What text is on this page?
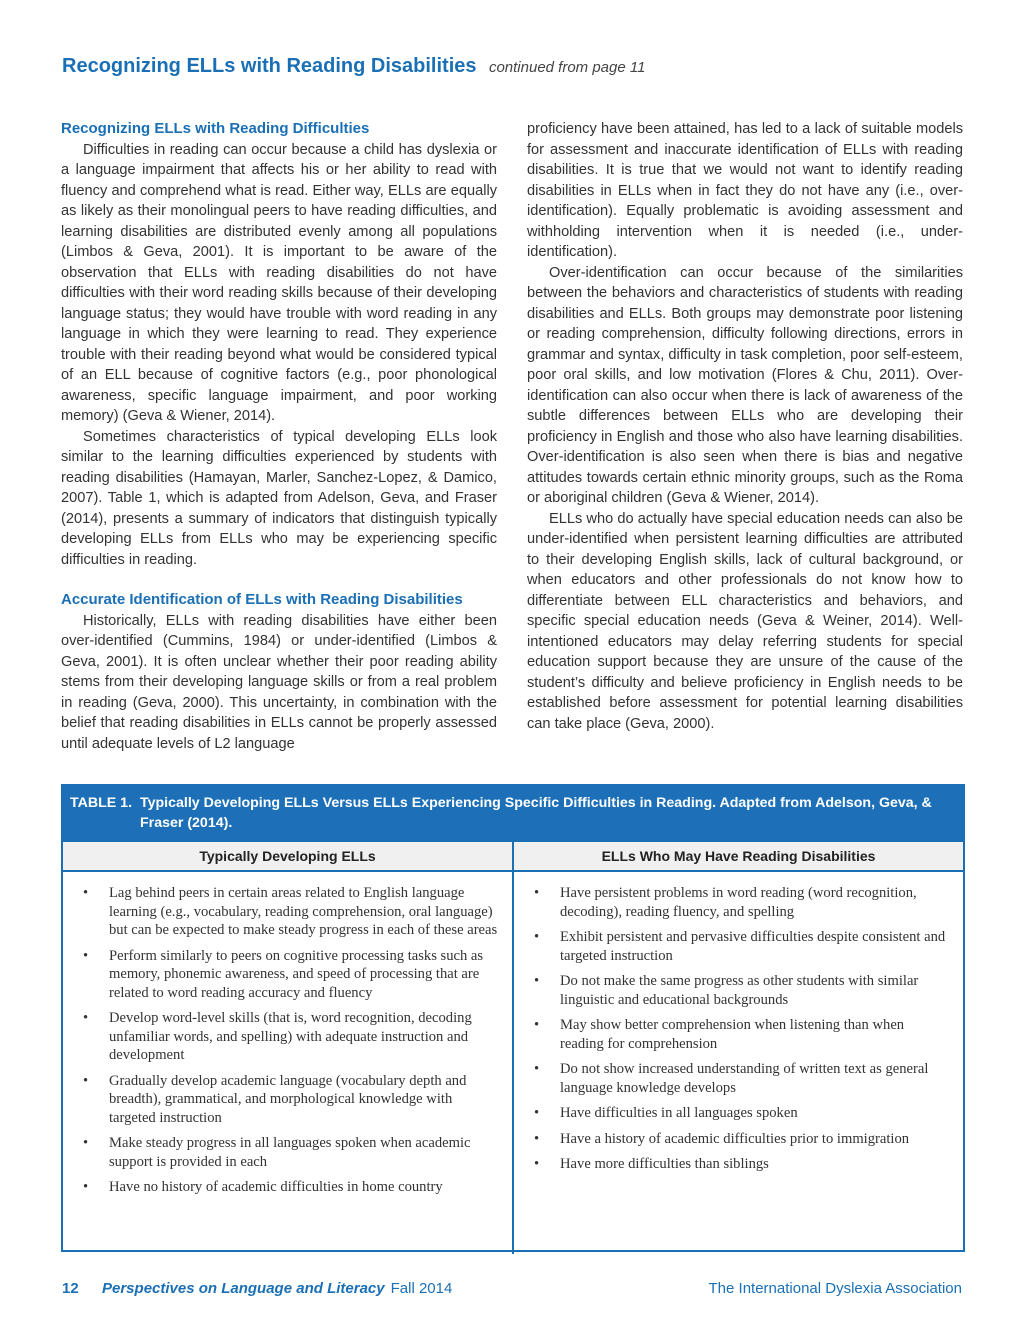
Recognizing ELLs with Reading Disabilities continued from page 11
Recognizing ELLs with Reading Difficulties

Difficulties in reading can occur because a child has dyslexia or a language impairment that affects his or her ability to read with fluency and comprehend what is read. Either way, ELLs are equally as likely as their monolingual peers to have reading difficulties, and learning disabilities are distributed evenly among all populations (Limbos & Geva, 2001). It is important to be aware of the observation that ELLs with reading disabilities do not have difficulties with their word reading skills because of their developing language status; they would have trouble with word reading in any language in which they were learning to read. They experience trouble with their reading beyond what would be considered typical of an ELL because of cognitive factors (e.g., poor phonological awareness, specific language impairment, and poor working memory) (Geva & Wiener, 2014).

Sometimes characteristics of typical developing ELLs look similar to the learning difficulties experienced by students with reading disabilities (Hamayan, Marler, Sanchez-Lopez, & Damico, 2007). Table 1, which is adapted from Adelson, Geva, and Fraser (2014), presents a summary of indicators that distinguish typically developing ELLs from ELLs who may be experiencing specific difficulties in reading.

Accurate Identification of ELLs with Reading Disabilities

Historically, ELLs with reading disabilities have either been over-identified (Cummins, 1984) or under-identified (Limbos & Geva, 2001). It is often unclear whether their poor reading ability stems from their developing language skills or from a real problem in reading (Geva, 2000). This uncertainty, in combination with the belief that reading disabilities in ELLs cannot be properly assessed until adequate levels of L2 language

proficiency have been attained, has led to a lack of suitable models for assessment and inaccurate identification of ELLs with reading disabilities. It is true that we would not want to identify reading disabilities in ELLs when in fact they do not have any (i.e., over-identification). Equally problematic is avoiding assessment and withholding intervention when it is needed (i.e., under-identification).

Over-identification can occur because of the similarities between the behaviors and characteristics of students with reading disabilities and ELLs. Both groups may demonstrate poor listening or reading comprehension, difficulty following directions, errors in grammar and syntax, difficulty in task completion, poor self-esteem, poor oral skills, and low motivation (Flores & Chu, 2011). Over-identification can also occur when there is lack of awareness of the subtle differences between ELLs who are developing their proficiency in English and those who also have learning disabilities. Over-identification is also seen when there is bias and negative attitudes towards certain ethnic minority groups, such as the Roma or aboriginal children (Geva & Wiener, 2014).

ELLs who do actually have special education needs can also be under-identified when persistent learning difficulties are attributed to their developing English skills, lack of cultural background, or when educators and other professionals do not know how to differentiate between ELL characteristics and behaviors, and specific special education needs (Geva & Weiner, 2014). Well-intentioned educators may delay referring students for special education support because they are unsure of the cause of the student’s difficulty and believe proficiency in English needs to be established before assessment for potential learning disabilities can take place (Geva, 2000).

TABLE 1. Typically Developing ELLs Versus ELLs Experiencing Specific Difficulties in Reading. Adapted from Adelson, Geva, & Fraser (2014).
Typically Developing ELLs	ELLs Who May Have Reading Disabilities
• Lag behind peers in certain areas related to English language learning (e.g., vocabulary, reading comprehension, oral language) but can be expected to make steady progress in each of these areas
• Perform similarly to peers on cognitive processing tasks such as memory, phonemic awareness, and speed of processing that are related to word reading accuracy and fluency
• Develop word-level skills (that is, word recognition, decoding unfamiliar words, and spelling) with adequate instruction and development
• Gradually develop academic language (vocabulary depth and breadth), grammatical, and morphological knowledge with targeted instruction
• Make steady progress in all languages spoken when academic support is provided in each
• Have no history of academic difficulties in home country
• Have persistent problems in word reading (word recognition, decoding), reading fluency, and spelling
• Exhibit persistent and pervasive difficulties despite consistent and targeted instruction
• Do not make the same progress as other students with similar linguistic and educational backgrounds
• May show better comprehension when listening than when reading for comprehension
• Do not show increased understanding of written text as general language knowledge develops
• Have difficulties in all languages spoken
• Have a history of academic difficulties prior to immigration
• Have more difficulties than siblings
12 Perspectives on Language and Literacy Fall 2014	The International Dyslexia Association
